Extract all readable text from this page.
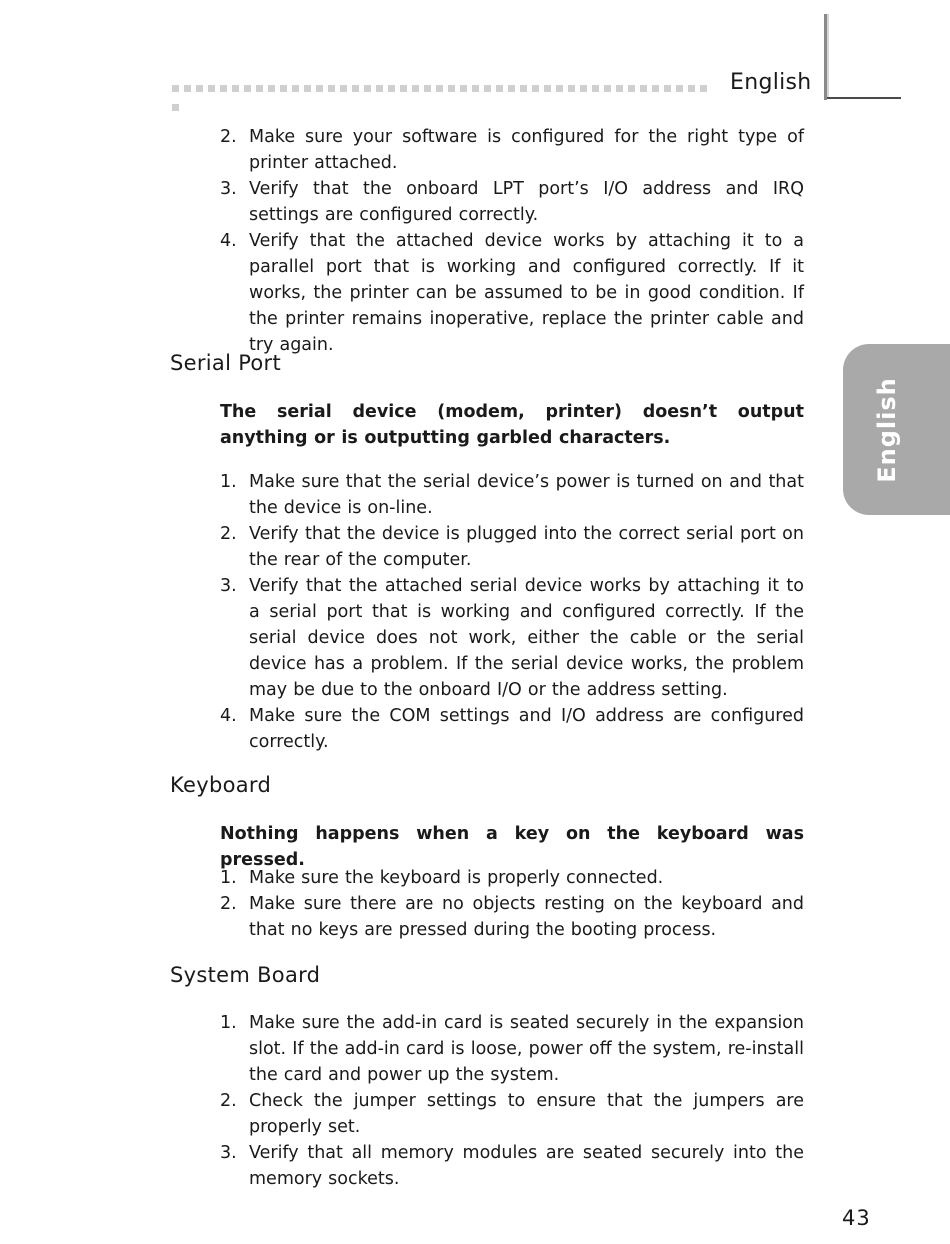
English
English
2. Make sure your software is configured for the right type of printer attached.
3. Verify that the onboard LPT port’s I/O address and IRQ settings are configured correctly.
4. Verify that the attached device works by attaching it to a parallel port that is working and configured correctly. If it works, the printer can be assumed to be in good condition. If the printer remains inoperative, replace the printer cable and try again.
Serial Port
The serial device (modem, printer) doesn’t output anything or is outputting garbled characters.
1. Make sure that the serial device’s power is turned on and that the device is on-line.
2. Verify that the device is plugged into the correct serial port on the rear of the computer.
3. Verify that the attached serial device works by attaching it to a serial port that is working and configured correctly. If the serial device does not work, either the cable or the serial device has a problem. If the serial device works, the problem may be due to the onboard I/O or the address setting.
4. Make sure the COM settings and I/O address are configured correctly.
Keyboard
Nothing happens when a key on the keyboard was pressed.
1. Make sure the keyboard is properly connected.
2. Make sure there are no objects resting on the keyboard and that no keys are pressed during the booting process.
System Board
1. Make sure the add-in card is seated securely in the expansion slot. If the add-in card is loose, power off the system, re-install the card and power up the system.
2. Check the jumper settings to ensure that the jumpers are properly set.
3. Verify that all memory modules are seated securely into the memory sockets.
43
